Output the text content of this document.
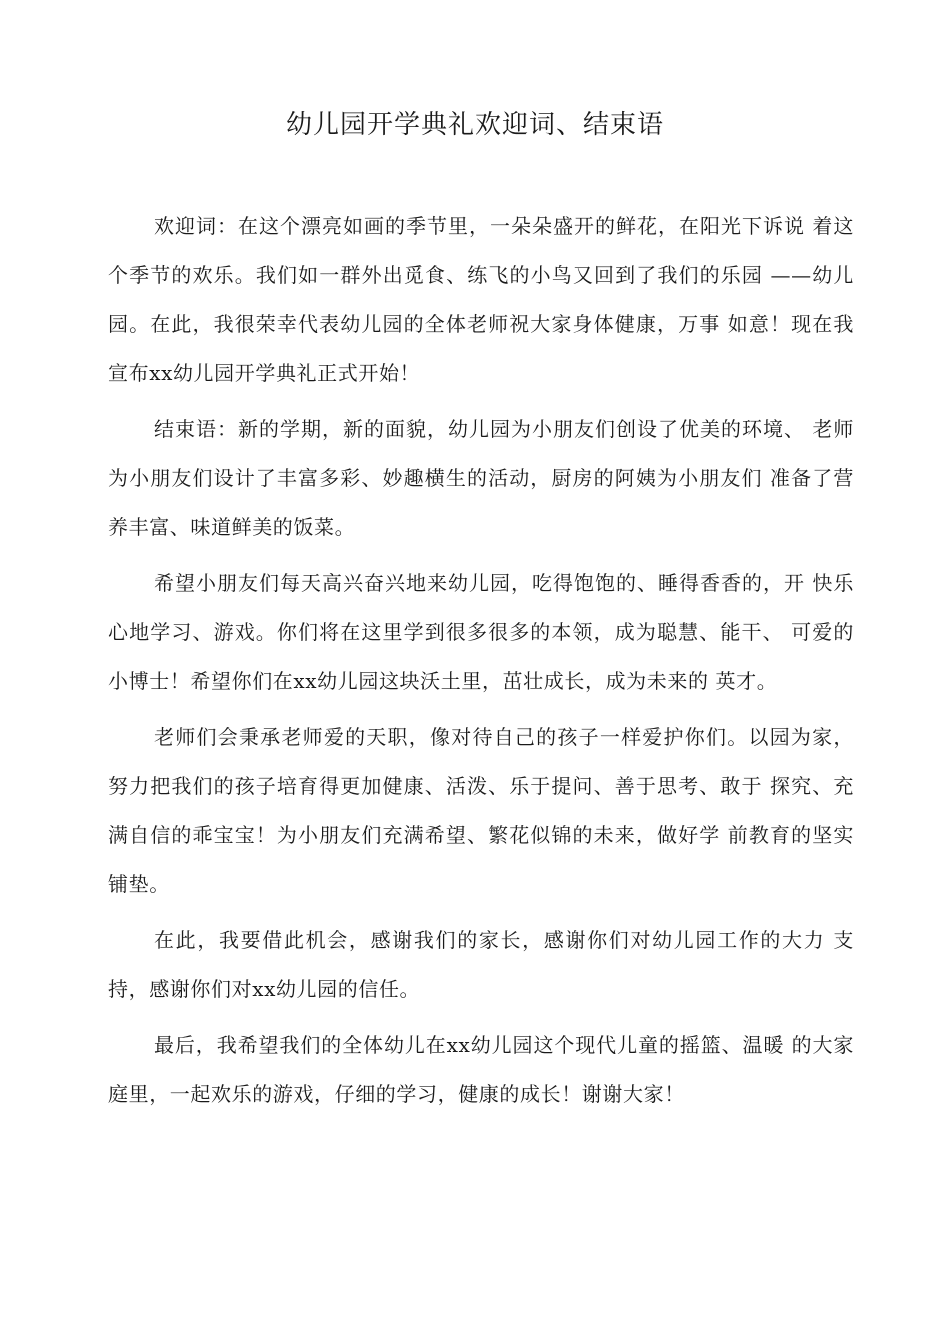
幼儿园开学典礼欢迎词、结束语

欢迎词：在这个漂亮如画的季节里，一朵朵盛开的鲜花，在阳光下诉说 着这个季节的欢乐。我们如一群外出觅食、练飞的小鸟又回到了我们的乐园 ——幼儿园。在此，我很荣幸代表幼儿园的全体老师祝大家身体健康，万事 如意！现在我宣布xx幼儿园开学典礼正式开始！

结束语：新的学期，新的面貌，幼儿园为小朋友们创设了优美的环境、 老师为小朋友们设计了丰富多彩、妙趣横生的活动，厨房的阿姨为小朋友们 准备了营养丰富、味道鲜美的饭菜。

希望小朋友们每天高兴奋兴地来幼儿园，吃得饱饱的、睡得香香的，开 快乐心地学习、游戏。你们将在这里学到很多很多的本领，成为聪慧、能干、 可爱的小博士！希望你们在xx幼儿园这块沃土里，茁壮成长，成为未来的 英才。

老师们会秉承老师爱的天职，像对待自己的孩子一样爱护你们。以园为家，努力把我们的孩子培育得更加健康、活泼、乐于提问、善于思考、敢于 探究、充满自信的乖宝宝！为小朋友们充满希望、繁花似锦的未来，做好学 前教育的坚实铺垫。

在此，我要借此机会，感谢我们的家长，感谢你们对幼儿园工作的大力 支持，感谢你们对xx幼儿园的信任。

最后，我希望我们的全体幼儿在xx幼儿园这个现代儿童的摇篮、温暖 的大家庭里，一起欢乐的游戏，仔细的学习，健康的成长！谢谢大家！
